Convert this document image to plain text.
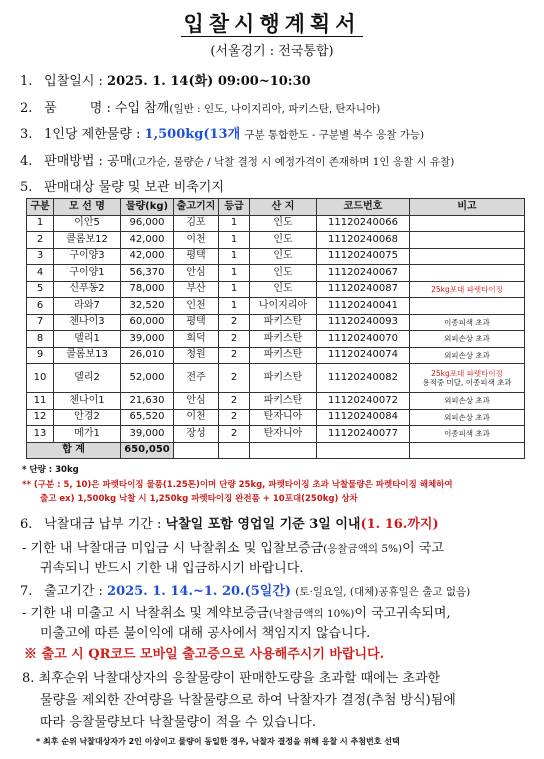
입찰시행계획서
(서울경기 : 전국통합)
1. 입찰일시 : 2025. 1. 14(화) 09:00~10:30
2. 품        명 : 수입 참깨(일반 : 인도, 나이지리아, 파키스탄, 탄자니아)
3. 1인당 제한물량 : 1,500kg(13개 구분 통합한도 - 구분별 복수 응찰 가능)
4. 판매방법 : 공매(고가순, 물량순 / 낙찰 결정 시 예정가격이 존재하며 1인 응찰 시 유찰)
5. 판매대상 물량 및 보관 비축기지
구분	모 선 명	물량(kg)	출고기지	등급	산 지	코드번호	비고
1	이안5	96,000	김포	1	인도	11120240066	

2	콜롬보12	42,000	이천	1	인도	11120240068	

3	구이양3	42,000	평택	1	인도	11120240075	

4	구이양1	56,370	안심	1	인도	11120240067	

5	신푸동2	78,000	부산	1	인도	11120240087	25kg포대 파렛타이징

6	라와7	32,520	인천	1	나이지리아	11120240041	

7	첸나이3	60,000	평택	2	파키스탄	11120240093	이종피색 초과

8	델리1	39,000	회덕	2	파키스탄	11120240070	외피손상 초과

9	콜롬보13	26,010	청원	2	파키스탄	11120240074	외피손상 초과

10	델리2	52,000	전주	2	파키스탄	11120240082	25kg포대 파렛타이징
용적중 미달, 이종피색 초과

11	첸나이1	21,630	안심	2	파키스탄	11120240072	외피손상 초과

12	안경2	65,520	이천	2	탄자니아	11120240084	외피손상 초과

13	메가1	39,000	장성	2	탄자니아	11120240077	이종피색 초과

합 계		650,050					
* 단량 : 30kg
** (구분 : 5, 10)은 파렛타이징 물품(1.25톤)이며 단량 25kg, 파렛타이징 초과 낙찰물량은 파렛타이징 해체하여
출고 ex) 1,500kg 낙찰 시 1,250kg 파렛타이징 완전품 + 10포대(250kg) 상차
6. 낙찰대금 납부 기간 : 낙찰일 포함 영업일 기준 3일 이내(1. 16.까지)
- 기한 내 낙찰대금 미입금 시 낙찰취소 및 입찰보증금(응찰금액의 5%)이 국고
귀속되니 반드시 기한 내 입금하시기 바랍니다.
7. 출고기간 : 2025. 1. 14.~1. 20.(5일간) (토·일요일, (대체)공휴일은 출고 없음)
- 기한 내 미출고 시 낙찰취소 및 계약보증금(낙찰금액의 10%)이 국고귀속되며,
미출고에 따른 불이익에 대해 공사에서 책임지지 않습니다.
※ 출고 시 QR코드 모바일 출고증으로 사용해주시기 바랍니다.
8. 최후순위 낙찰대상자의 응찰물량이 판매한도량을 초과할 때에는 초과한
물량을 제외한 잔여량을 낙찰물량으로 하여 낙찰자가 결정(추첨 방식)됨에
따라 응찰물량보다 낙찰물량이 적을 수 있습니다.
* 최후 순위 낙찰대상자가 2인 이상이고 물량이 동일한 경우, 낙찰자 결정을 위해 응찰 시 추첨번호 선택
